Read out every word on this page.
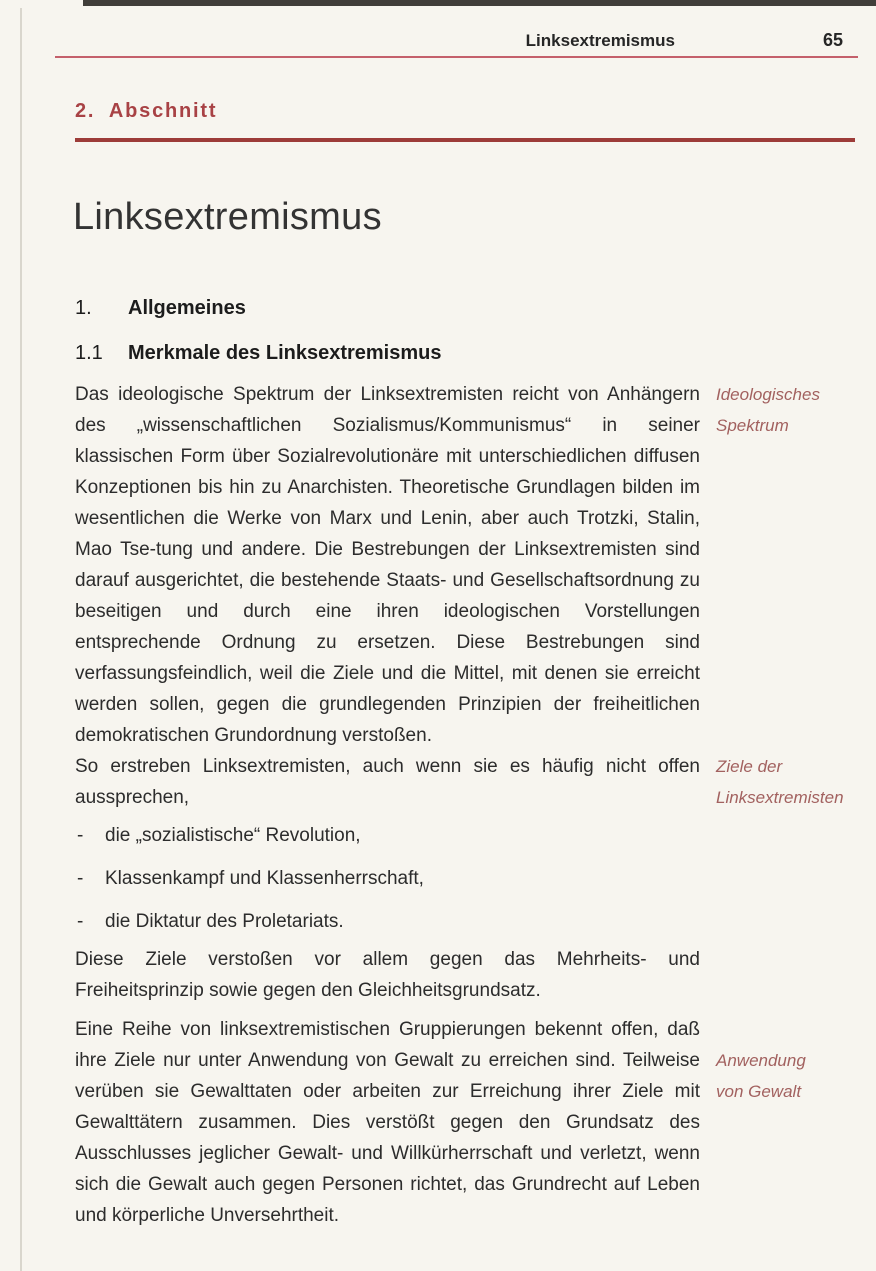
Linksextremismus	65
2. Abschnitt
Linksextremismus
1. Allgemeines
1.1 Merkmale des Linksextremismus
Das ideologische Spektrum der Linksextremisten reicht von Anhängern des „wissenschaftlichen Sozialismus/Kommunismus“ in seiner klassischen Form über Sozialrevolutionäre mit unterschiedlichen diffusen Konzeptionen bis hin zu Anarchisten. Theoretische Grundlagen bilden im wesentlichen die Werke von Marx und Lenin, aber auch Trotzki, Stalin, Mao Tse-tung und andere. Die Bestrebungen der Linksextremisten sind darauf ausgerichtet, die bestehende Staats- und Gesellschaftsordnung zu beseitigen und durch eine ihren ideologischen Vorstellungen entsprechende Ordnung zu ersetzen. Diese Bestrebungen sind verfassungsfeindlich, weil die Ziele und die Mittel, mit denen sie erreicht werden sollen, gegen die grundlegenden Prinzipien der freiheitlichen demokratischen Grundordnung verstoßen.
Ideologisches
Spektrum
So erstreben Linksextremisten, auch wenn sie es häufig nicht offen aussprechen,
Ziele der
Linksextremisten

- die „sozialistische“ Revolution,

- Klassenkampf und Klassenherrschaft,

- die Diktatur des Proletariats.

Diese Ziele verstoßen vor allem gegen das Mehrheits- und Freiheitsprinzip sowie gegen den Gleichheitsgrundsatz.
Eine Reihe von linksextremistischen Gruppierungen bekennt offen, daß ihre Ziele nur unter Anwendung von Gewalt zu erreichen sind. Teilweise verüben sie Gewalttaten oder arbeiten zur Erreichung ihrer Ziele mit Gewalttätern zusammen. Dies verstößt gegen den Grundsatz des Ausschlusses jeglicher Gewalt- und Willkürherrschaft und verletzt, wenn sich die Gewalt auch gegen Personen richtet, das Grundrecht auf Leben und körperliche Unversehrtheit.
Anwendung
von Gewalt
